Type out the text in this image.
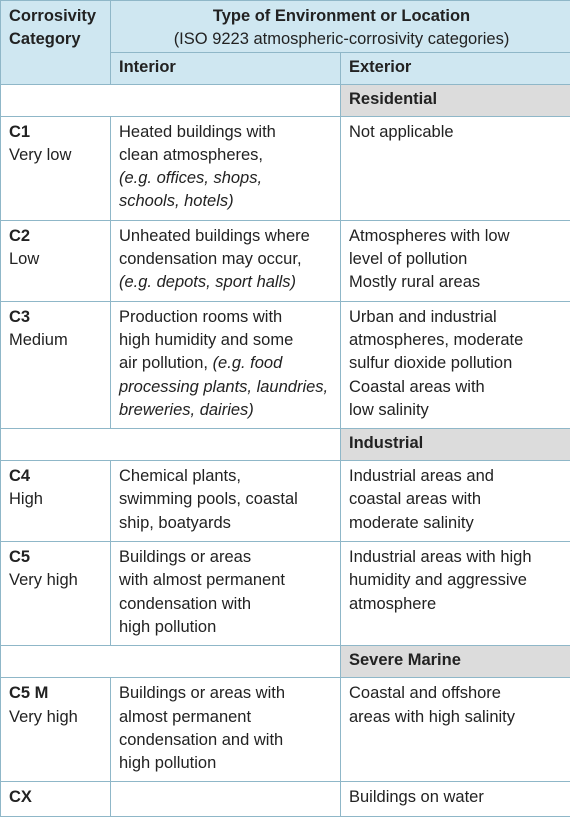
Corrosivity
Category	Type of Environment or Location
(ISO 9223 atmospheric-corrosivity categories)	

	Interior	Exterior
		Residential

C1
Very low	Heated buildings with
clean atmospheres,
(e.g. offices, shops,
schools, hotels)	Not applicable

C2
Low	Unheated buildings where
condensation may occur,
(e.g. depots, sport halls)	Atmospheres with low
level of pollution
Mostly rural areas

C3
Medium	Production rooms with
high humidity and some
air pollution, (e.g. food
processing plants, laundries,
breweries, dairies)	Urban and industrial
atmospheres, moderate
sulfur dioxide pollution
Coastal areas with
low salinity

		Industrial

C4
High	Chemical plants,
swimming pools, coastal
ship, boatyards	Industrial areas and
coastal areas with
moderate salinity

C5
Very high	Buildings or areas
with almost permanent
condensation with
high pollution	Industrial areas with high
humidity and aggressive
atmosphere

		Severe Marine

C5 M
Very high	Buildings or areas with
almost permanent
condensation and with
high pollution	Coastal and offshore
areas with high salinity

CX		Buildings on water
